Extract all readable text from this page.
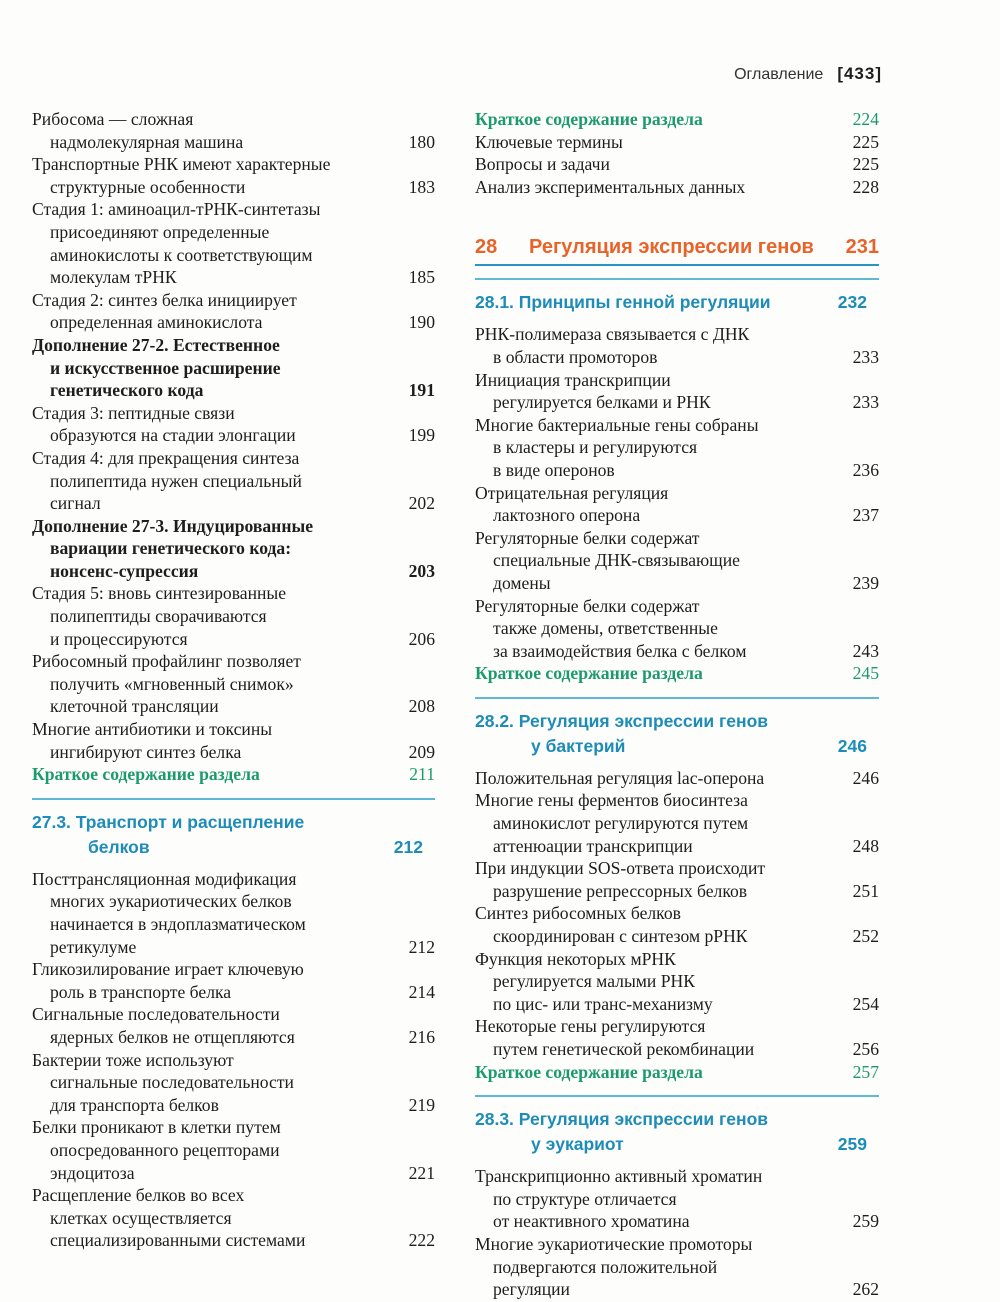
Оглавление [433]
Рибосома — сложная
надмолекулярная машина	180
Транспортные РНК имеют характерные
структурные особенности	183
Стадия 1: аминоацил-тРНК-синтетазы
присоединяют определенные
аминокислоты к соответствующим
молекулам тРНК	185
Стадия 2: синтез белка инициирует
определенная аминокислота	190
Дополнение 27-2. Естественное
и искусственное расширение
генетического кода	191
Стадия 3: пептидные связи
образуются на стадии элонгации	199
Стадия 4: для прекращения синтеза
полипептида нужен специальный
сигнал	202
Дополнение 27-3. Индуцированные
вариации генетического кода:
нонсенс-супрессия	203
Стадия 5: вновь синтезированные
полипептиды сворачиваются
и процессируются	206
Рибосомный профайлинг позволяет
получить «мгновенный снимок»
клеточной трансляции	208
Многие антибиотики и токсины
ингибируют синтез белка	209
Краткое содержание раздела	211
27.3. Транспорт и расщепление
белков	212
Посттрансляционная модификация
многих эукариотических белков
начинается в эндоплазматическом
ретикулуме	212
Гликозилирование играет ключевую
роль в транспорте белка	214
Сигнальные последовательности
ядерных белков не отщепляются	216
Бактерии тоже используют
сигнальные последовательности
для транспорта белков	219
Белки проникают в клетки путем
опосредованного рецепторами
эндоцитоза	221
Расщепление белков во всех
клетках осуществляется
специализированными системами	222
Краткое содержание раздела	224
Ключевые термины	225
Вопросы и задачи	225
Анализ экспериментальных данных	228
28	Регуляция экспрессии генов	231
28.1. Принципы генной регуляции	232
РНК-полимераза связывается с ДНК
в области промоторов	233
Инициация транскрипции
регулируется белками и РНК	233
Многие бактериальные гены собраны
в кластеры и регулируются
в виде оперонов	236
Отрицательная регуляция
лактозного оперона	237
Регуляторные белки содержат
специальные ДНК-связывающие
домены	239
Регуляторные белки содержат
также домены, ответственные
за взаимодействия белка с белком	243
Краткое содержание раздела	245
28.2. Регуляция экспрессии генов
у бактерий	246
Положительная регуляция lac-оперона	246
Многие гены ферментов биосинтеза
аминокислот регулируются путем
аттенюации транскрипции	248
При индукции SOS-ответа происходит
разрушение репрессорных белков	251
Синтез рибосомных белков
скоординирован с синтезом рРНК	252
Функция некоторых мРНК
регулируется малыми РНК
по цис- или транс-механизму	254
Некоторые гены регулируются
путем генетической рекомбинации	256
Краткое содержание раздела	257
28.3. Регуляция экспрессии генов
у эукариот	259
Транскрипционно активный хроматин
по структуре отличается
от неактивного хроматина	259
Многие эукариотические промоторы
подвергаются положительной
регуляции	262
